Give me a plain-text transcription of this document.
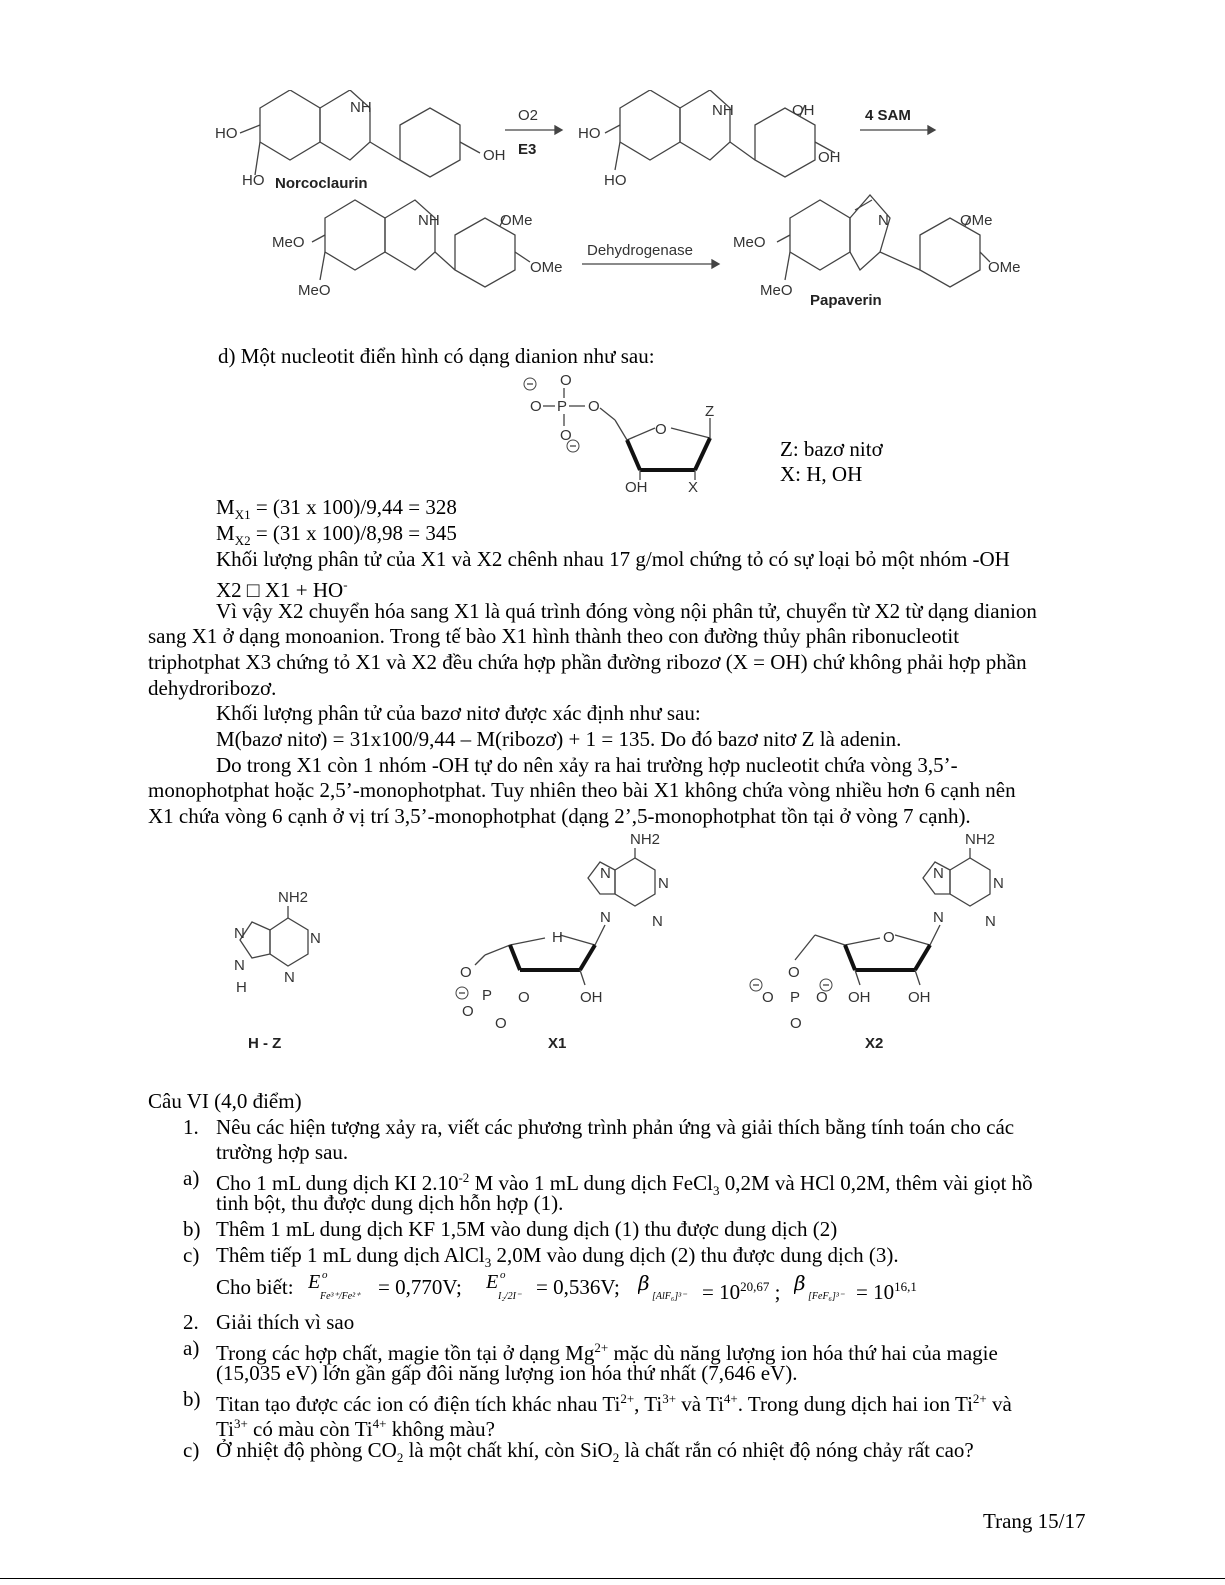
HO
HO
NH
OH
Norcoclaurin
O2
E3
HO
HO
NH	OH
OH
4 SAM
MeO
MeO
NH	OMe
OMe
Dehydrogenase	MeO
MeO
N	OMe
OMe
Papaverin
d) Một nucleotit điển hình có dạng dianion như sau:
O
O P O
O	O
Z
OH	X
Z: bazơ nitơ
X: H, OH
$M_{X1} = (31$ x 100)/9,44 = 328
$M_{X2} = (31$ x 100)/8,98 = 345
Khối lượng phân tử của X1 và X2 chênh nhau 17 g/mol chứng tỏ có sự loại bỏ một nhóm -OH
X2 □ X1 + HO-
Vì vậy X2 chuyển hóa sang X1 là quá trình đóng vòng nội phân tử, chuyển từ X2 từ dạng dianion
sang X1 ở dạng monoanion. Trong tế bào X1 hình thành theo con đường thủy phân ribonucleotit
triphotphat X3 chứng tỏ X1 và X2 đều chứa hợp phần đường ribozơ (X = OH) chứ không phải hợp phần
dehydroribozơ.
Khối lượng phân tử của bazơ nitơ được xác định như sau:
M(bazơ nitơ) = 31x100/9,44 – M(ribozơ) + 1 = 135. Do đó bazơ nitơ Z là adenin.
Do trong X1 còn 1 nhóm -OH tự do nên xảy ra hai trường hợp nucleotit chứa vòng 3,5’-
monophotphat hoặc 2,5’-monophotphat. Tuy nhiên theo bài X1 không chứa vòng nhiều hơn 6 cạnh nên
X1 chứa vòng 6 cạnh ở vị trí 3,5’-monophotphat (dạng 2’,5-monophotphat tồn tại ở vòng 7 cạnh).
NH2
N
N
N
N
H
H - Z
NH2
N
N
N
N
H
OH
O
P O
O
O
X1
NH2
N
N
N
N
O
OH	OH
O
O P O
O
X2
Câu VI (4,0 điểm)
1. Nêu các hiện tượng xảy ra, viết các phương trình phản ứng và giải thích bằng tính toán cho các
trường hợp sau.
a) Cho 1 mL dung dịch KI $2.10^{-2}$ M vào 1 mL dung dịch FeCl$_3$ 0,2M và HCl 0,2M, thêm vài giọt hồ
tinh bột, thu được dung dịch hỗn hợp (1).
b) Thêm 1 mL dung dịch KF 1,5M vào dung dịch (1) thu được dung dịch (2)
c) Thêm tiếp 1 mL dung dịch AlCl$_3$ 2,0M vào dung dịch (2) thu được dung dịch (3).
Cho biết: E o
Fe³⁺/Fe²⁺ = 0,770V; E o
I₂/2I⁻ = 0,536V; β
$[AlF_6]^{3-} = 10^{20,67}$ ; β
$[FeF_6]^{3-} = 10^{16,1}$
2. Giải thích vì sao
a) Trong các hợp chất, magie tồn tại ở dạng $Mg^{2+}$ mặc dù năng lượng ion hóa thứ hai của magie
(15,035 eV) lớn gần gấp đôi năng lượng ion hóa thứ nhất (7,646 eV).
b) Titan tạo được các ion có điện tích khác nhau $Ti^{2+}$, $Ti^{3+}$ và $Ti^{4+}$. Trong dung dịch hai ion $Ti^{2+}$ và
$Ti^{3+}$ có màu còn $Ti^{4+}$ không màu?
c) Ở nhiệt độ phòng $CO_2$ là một chất khí, còn SiO$_2$ là chất rắn có nhiệt độ nóng chảy rất cao?
Trang 15/17
